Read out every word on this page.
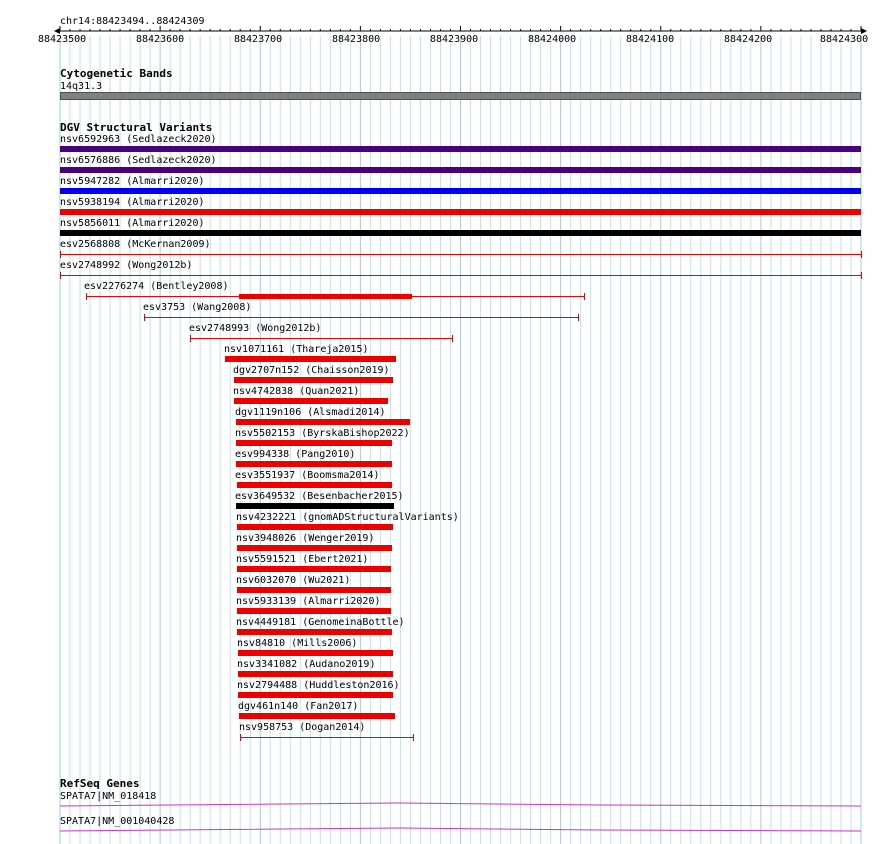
chr14:88423494..88424309
88423500	88423600	88423700	88423800	88423900	88424000	88424100	88424200	88424300
Cytogenetic Bands
14q31.3
DGV Structural Variants
nsv6592963 (Sedlazeck2020)
nsv6576886 (Sedlazeck2020)
nsv5947282 (Almarri2020)
nsv5938194 (Almarri2020)
nsv5856011 (Almarri2020)
esv2568808 (McKernan2009)
esv2748992 (Wong2012b)
esv2276274 (Bentley2008)
esv3753 (Wang2008)
esv2748993 (Wong2012b)
nsv1071161 (Thareja2015)
dgv2707n152 (Chaisson2019)
nsv4742838 (Quan2021)
dgv1119n106 (Alsmadi2014)
nsv5502153 (ByrskaBishop2022)
esv994338 (Pang2010)
esv3551937 (Boomsma2014)
esv3649532 (Besenbacher2015)
nsv4232221 (gnomADStructuralVariants)
nsv3948026 (Wenger2019)
nsv5591521 (Ebert2021)
nsv6032070 (Wu2021)
nsv5933139 (Almarri2020)
nsv4449181 (GenomeinaBottle)
nsv84810 (Mills2006)
nsv3341082 (Audano2019)
nsv2794488 (Huddleston2016)
dgv461n140 (Fan2017)
nsv958753 (Dogan2014)
RefSeq Genes
SPATA7|NM_018418
SPATA7|NM_001040428
